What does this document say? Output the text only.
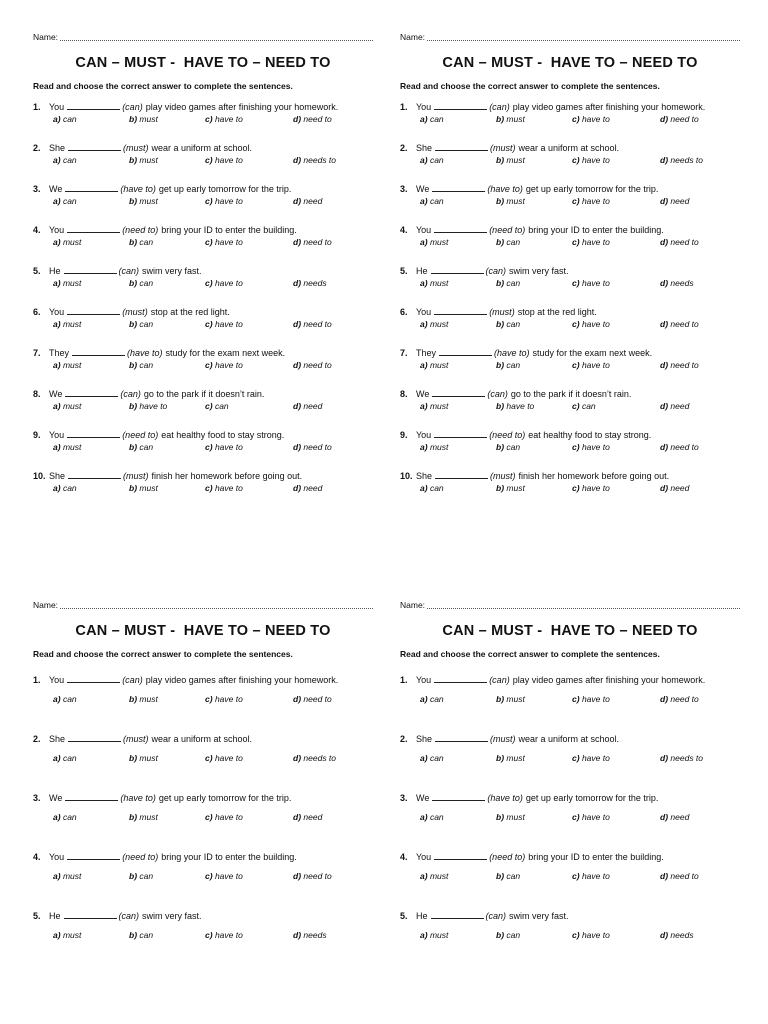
Name:
CAN – MUST -  HAVE TO – NEED TO
Read and choose the correct answer to complete the sentences.
1. You	(can) play video games after finishing your homework.
a) can	b) must	c) have to	d) need to
2. She	(must) wear a uniform at school.
a) can	b) must	c) have to	d) needs to
3. We	(have to) get up early tomorrow for the trip.
a) can	b) must	c) have to	d) need
4. You	(need to) bring your ID to enter the building.
a) must	b) can	c) have to	d) need to
5. He	(can) swim very fast.
a) must	b) can	c) have to	d) needs
6. You	(must) stop at the red light.
a) must	b) can	c) have to	d) need to
7. They	(have to) study for the exam next week.
a) must	b) can	c) have to	d) need to
8. We	(can) go to the park if it doesn’t rain.
a) must	b) have to	c) can	d) need
9. You	(need to) eat healthy food to stay strong.
a) must	b) can	c) have to	d) need to
10. She	(must) finish her homework before going out.
a) can	b) must	c) have to	d) need
Name:
CAN – MUST -  HAVE TO – NEED TO
Read and choose the correct answer to complete the sentences.
1. You	(can) play video games after finishing your homework.
a) can	b) must	c) have to	d) need to
2. She	(must) wear a uniform at school.
a) can	b) must	c) have to	d) needs to
3. We	(have to) get up early tomorrow for the trip.
a) can	b) must	c) have to	d) need
4. You	(need to) bring your ID to enter the building.
a) must	b) can	c) have to	d) need to
5. He	(can) swim very fast.
a) must	b) can	c) have to	d) needs
6. You	(must) stop at the red light.
a) must	b) can	c) have to	d) need to
7. They	(have to) study for the exam next week.
a) must	b) can	c) have to	d) need to
8. We	(can) go to the park if it doesn’t rain.
a) must	b) have to	c) can	d) need
9. You	(need to) eat healthy food to stay strong.
a) must	b) can	c) have to	d) need to
10. She	(must) finish her homework before going out.
a) can	b) must	c) have to	d) need
Name:
CAN – MUST -  HAVE TO – NEED TO
Read and choose the correct answer to complete the sentences.
1. You	(can) play video games after finishing your homework.
a) can	b) must	c) have to	d) need to
2. She	(must) wear a uniform at school.
a) can	b) must	c) have to	d) needs to
3. We	(have to) get up early tomorrow for the trip.
a) can	b) must	c) have to	d) need
4. You	(need to) bring your ID to enter the building.
a) must	b) can	c) have to	d) need to
5. He	(can) swim very fast.
a) must	b) can	c) have to	d) needs
Name:
CAN – MUST -  HAVE TO – NEED TO
Read and choose the correct answer to complete the sentences.
1. You	(can) play video games after finishing your homework.
a) can	b) must	c) have to	d) need to
2. She	(must) wear a uniform at school.
a) can	b) must	c) have to	d) needs to
3. We	(have to) get up early tomorrow for the trip.
a) can	b) must	c) have to	d) need
4. You	(need to) bring your ID to enter the building.
a) must	b) can	c) have to	d) need to
5. He	(can) swim very fast.
a) must	b) can	c) have to	d) needs
